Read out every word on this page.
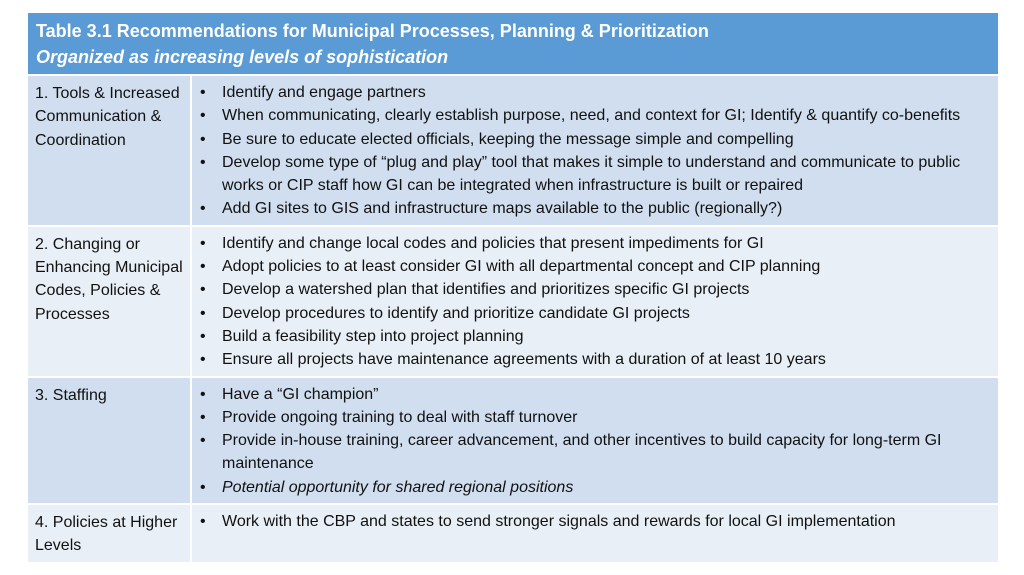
Table 3.1 Recommendations for Municipal Processes, Planning & Prioritization
Organized as increasing levels of sophistication
1. Tools & Increased Communication & Coordination
• Identify and engage partners
• When communicating, clearly establish purpose, need, and context for GI; Identify & quantify co-benefits
• Be sure to educate elected officials, keeping the message simple and compelling
• Develop some type of “plug and play” tool that makes it simple to understand and communicate to public works or CIP staff how GI can be integrated when infrastructure is built or repaired
• Add GI sites to GIS and infrastructure maps available to the public (regionally?)
2. Changing or Enhancing Municipal Codes, Policies & Processes
• Identify and change local codes and policies that present impediments for GI
• Adopt policies to at least consider GI with all departmental concept and CIP planning
• Develop a watershed plan that identifies and prioritizes specific GI projects
• Develop procedures to identify and prioritize candidate GI projects
• Build a feasibility step into project planning
• Ensure all projects have maintenance agreements with a duration of at least 10 years
3. Staffing	• Have a “GI champion”
• Provide ongoing training to deal with staff turnover
• Provide in-house training, career advancement, and other incentives to build capacity for long-term GI maintenance
• Potential opportunity for shared regional positions
4. Policies at Higher Levels
• Work with the CBP and states to send stronger signals and rewards for local GI implementation
